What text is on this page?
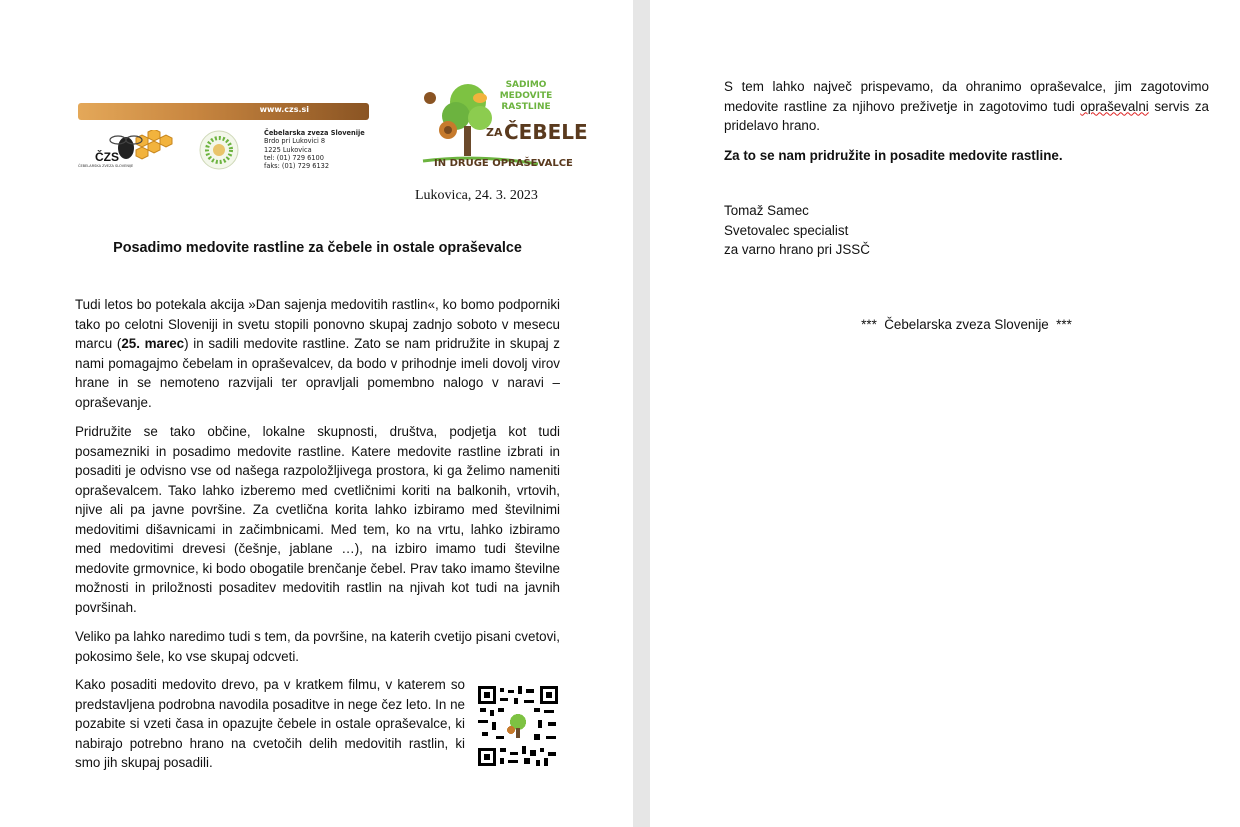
www.czs.si
ČZS
ČEBELARSKA ZVEZA SLOVENIJE
Čebelarska zveza Slovenije
Brdo pri Lukovici 8
1225 Lukovica
tel: (01) 729 6100
faks: (01) 729 6132
SADIMO
MEDOVITE
RASTLINE
ZA ČEBELE
IN DRUGE OPRAŠEVALCE
Lukovica, 24. 3. 2023
Posadimo medovite rastline za čebele in ostale opraševalce

Tudi letos bo potekala akcija »Dan sajenja medovitih rastlin«, ko bomo podporniki tako po celotni Sloveniji in svetu stopili ponovno skupaj zadnjo soboto v mesecu marcu (25. marec) in sadili medovite rastline. Zato se nam pridružite in skupaj z nami pomagajmo čebelam in opraševalcev, da bodo v prihodnje imeli dovolj virov hrane in se nemoteno razvijali ter opravljali pomembno nalogo v naravi – opraševanje.

Pridružite se tako občine, lokalne skupnosti, društva, podjetja kot tudi posamezniki in posadimo medovite rastline. Katere medovite rastline izbrati in posaditi je odvisno vse od našega razpoložljivega prostora, ki ga želimo nameniti opraševalcem. Tako lahko izberemo med cvetličnimi koriti na balkonih, vrtovih, njive ali pa javne površine. Za cvetlična korita lahko izbiramo med številnimi medovitimi dišavnicami in začimbnicami. Med tem, ko na vrtu, lahko izbiramo med medovitimi drevesi (češnje, jablane …), na izbiro imamo tudi številne medovite grmovnice, ki bodo obogatile brenčanje čebel. Prav tako imamo številne možnosti in priložnosti posaditev medovitih rastlin na njivah kot tudi na javnih površinah.

Veliko pa lahko naredimo tudi s tem, da površine, na katerih cvetijo pisani cvetovi, pokosimo šele, ko vse skupaj odcveti.

Kako posaditi medovito drevo, pa v kratkem filmu, v katerem so predstavljena podrobna navodila posaditve in nege čez leto. In ne pozabite si vzeti časa in opazujte čebele in ostale opraševalce, ki nabirajo potrebno hrano na cvetočih delih medovitih rastlin, ki smo jih skupaj posadili.

S tem lahko največ prispevamo, da ohranimo opraševalce, jim zagotovimo medovite rastline za njihovo preživetje in zagotovimo tudi opraševalni servis za pridelavo hrano.

Za to se nam pridružite in posadite medovite rastline.

Tomaž Samec
Svetovalec specialist
za varno hrano pri JSSČ
***  Čebelarska zveza Slovenije  ***
